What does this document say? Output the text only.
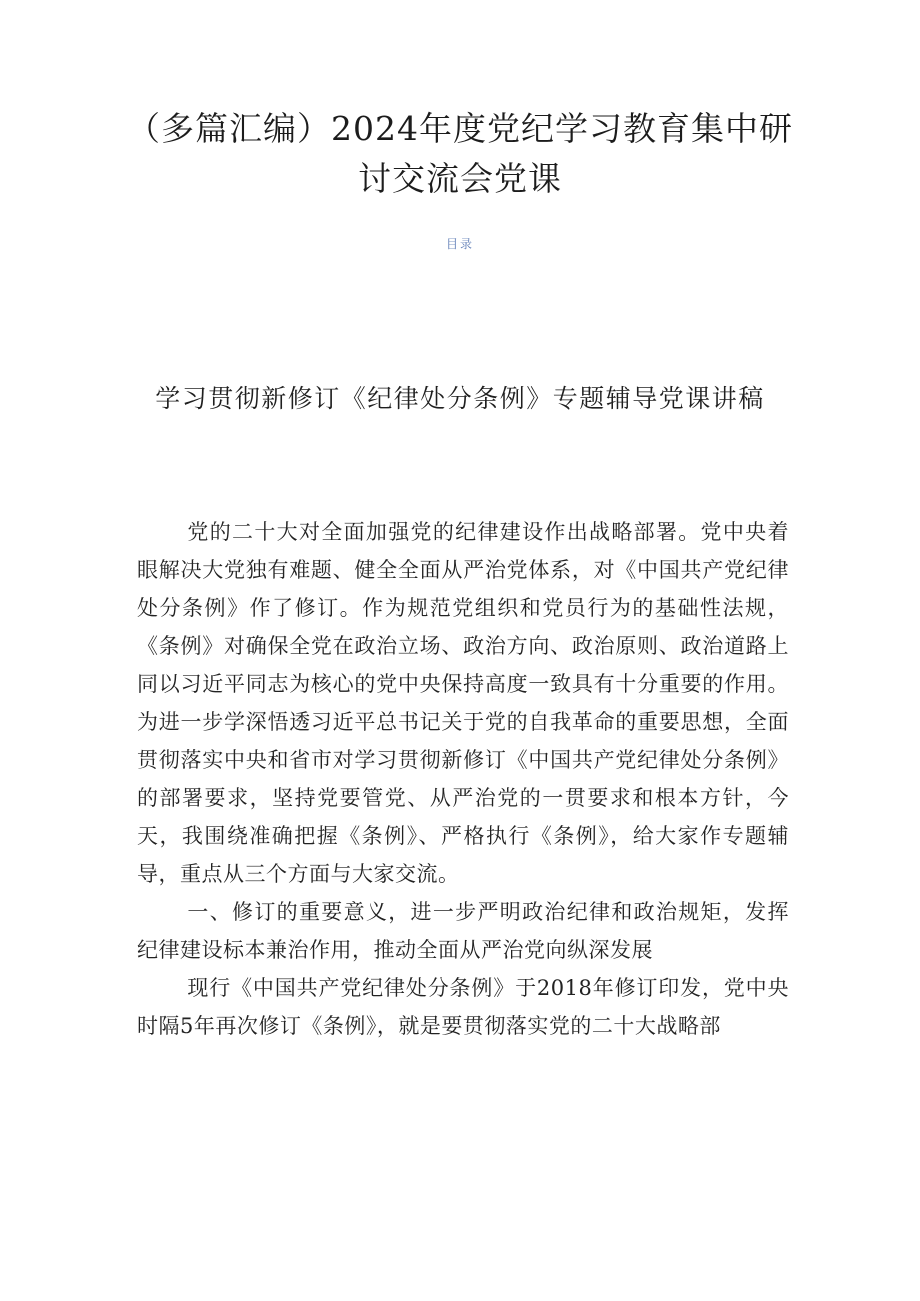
（多篇汇编）2024年度党纪学习教育集中研讨交流会党课
目录
学习贯彻新修订《纪律处分条例》专题辅导党课讲稿

党的二十大对全面加强党的纪律建设作出战略部署。党中央着眼解决大党独有难题、健全全面从严治党体系，对《中国共产党纪律处分条例》作了修订。作为规范党组织和党员行为的基础性法规，《条例》对确保全党在政治立场、政治方向、政治原则、政治道路上同以习近平同志为核心的党中央保持高度一致具有十分重要的作用。为进一步学深悟透习近平总书记关于党的自我革命的重要思想，全面贯彻落实中央和省市对学习贯彻新修订《中国共产党纪律处分条例》的部署要求，坚持党要管党、从严治党的一贯要求和根本方针，今天，我围绕准确把握《条例》、严格执行《条例》，给大家作专题辅导，重点从三个方面与大家交流。

一、修订的重要意义，进一步严明政治纪律和政治规矩，发挥纪律建设标本兼治作用，推动全面从严治党向纵深发展

现行《中国共产党纪律处分条例》于2018年修订印发，党中央时隔5年再次修订《条例》，就是要贯彻落实党的二十大战略部
